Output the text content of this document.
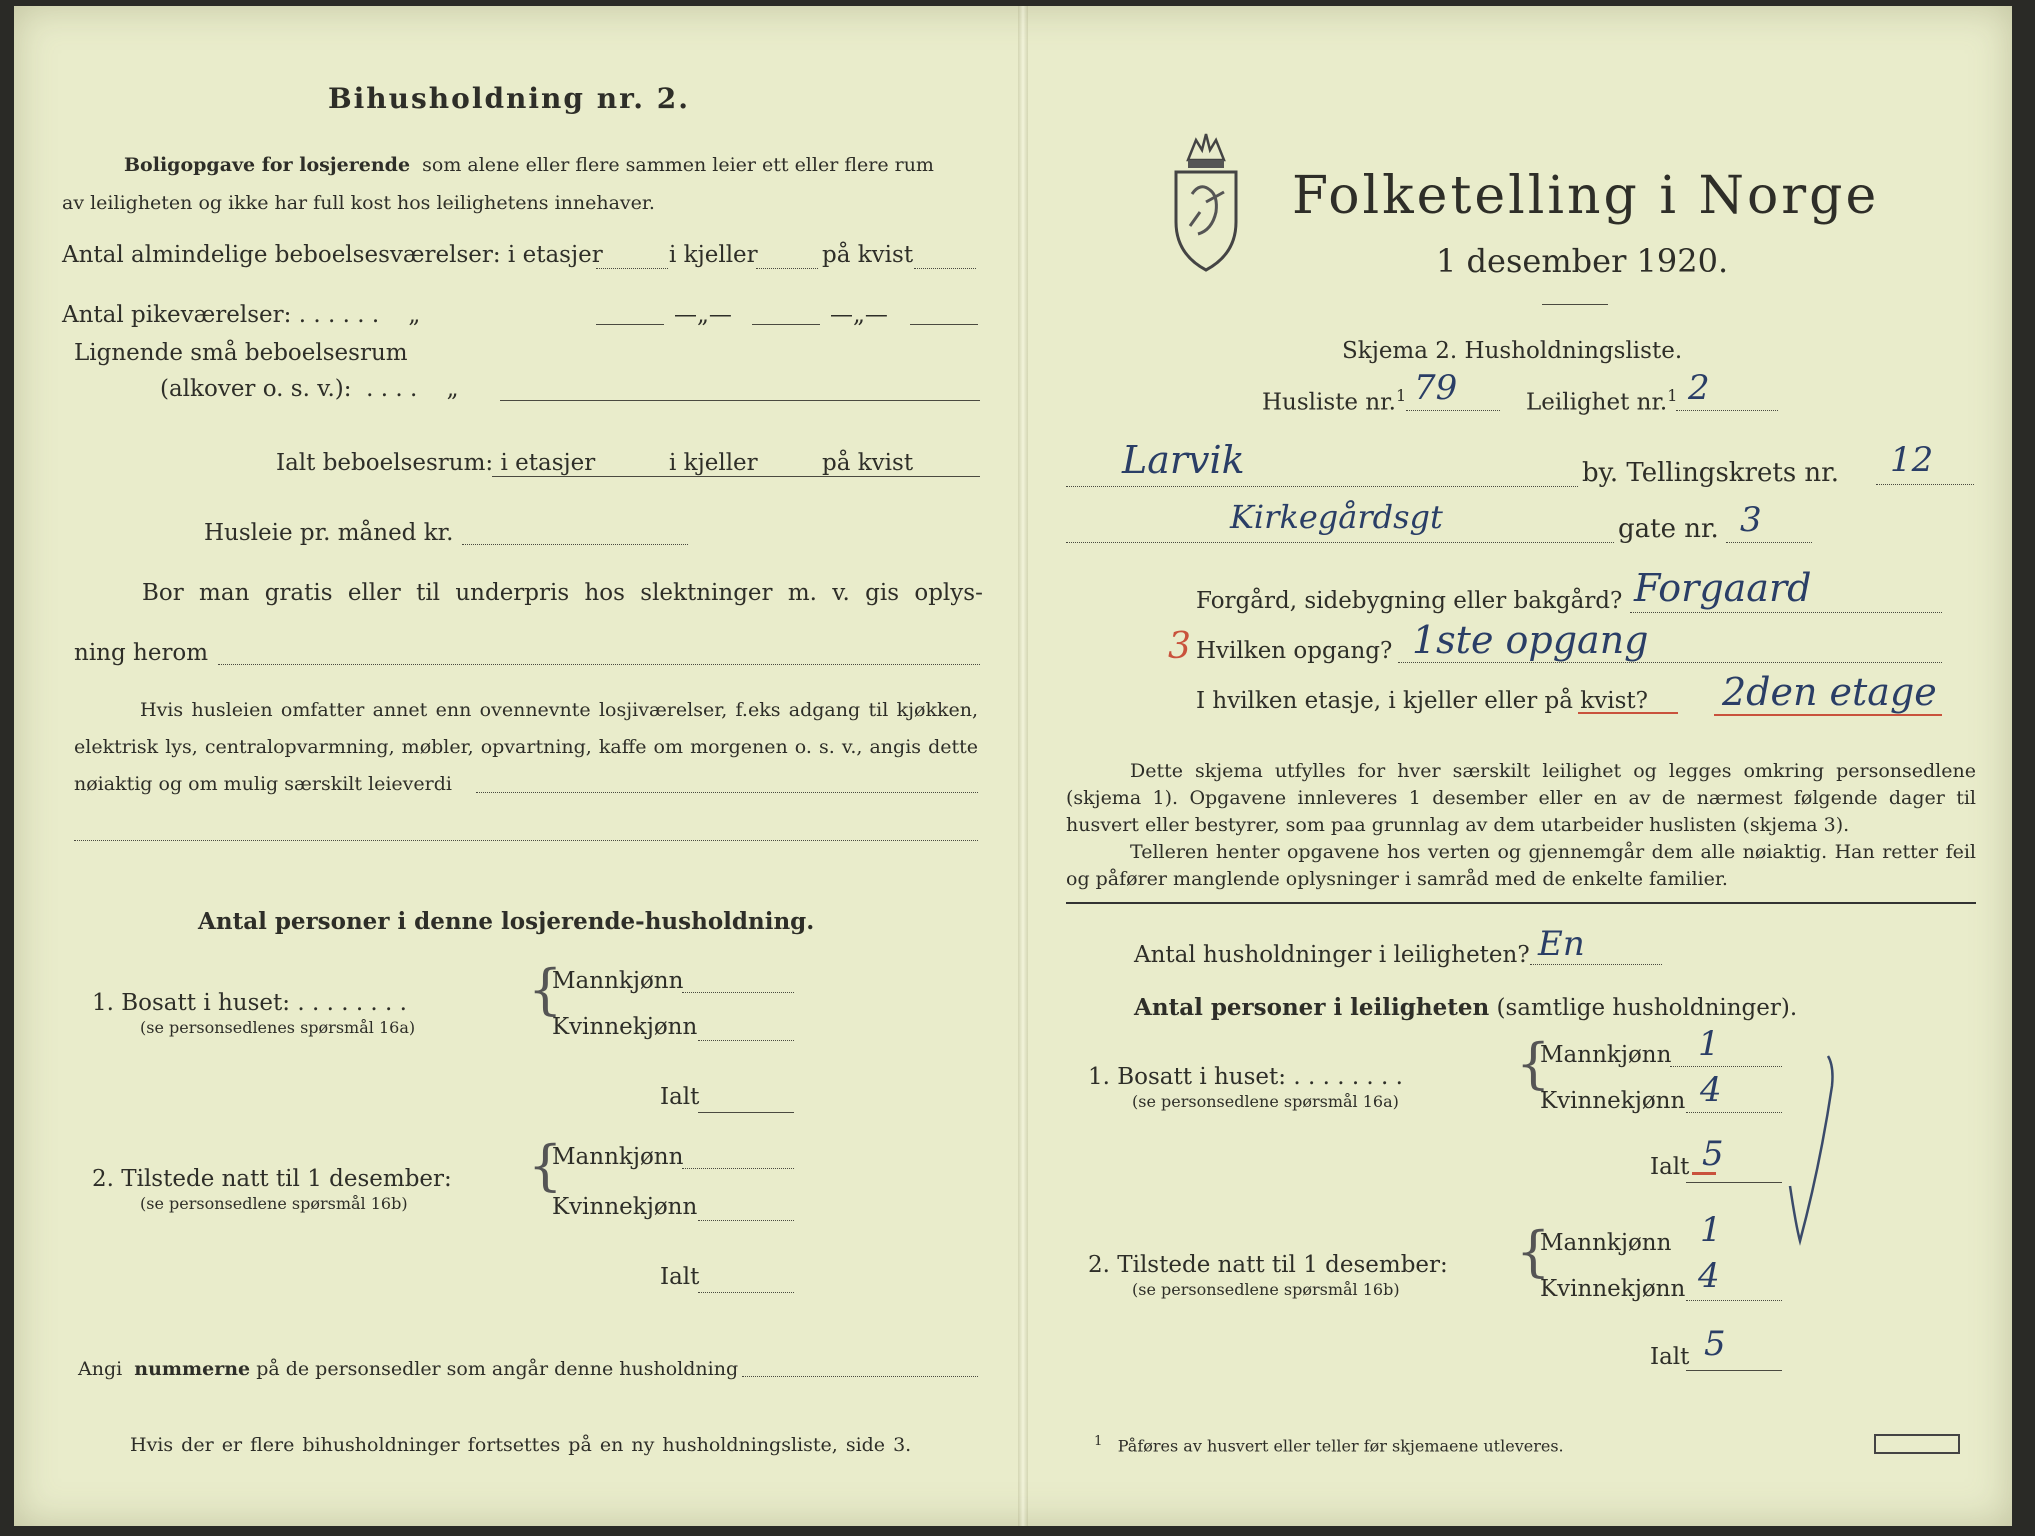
Bihusholdning nr. 2.
Boligopgave for losjerende som alene eller flere sammen leier ett eller flere rum
av leiligheten og ikke har full kost hos leilighetens innehaver.
Antal almindelige beboelsesværelser: i etasjer	i kjeller	på kvist
Antal pikeværelser: . . . . . .    „	—„—	—„—
Lignende små beboelsesrum
(alkover o. s. v.):  . . . .    „
Ialt beboelsesrum: i etasjer	i kjeller	på kvist
Husleie pr. måned kr.
Bor man gratis eller til underpris hos slektninger m. v. gis oplys-
ning herom
Hvis husleien omfatter annet enn ovennevnte losjiværelser, f.eks adgang til kjøkken, elektrisk lys, centralopvarmning, møbler, opvartning, kaffe om morgenen o. s. v., angis dette nøiaktig og om mulig særskilt leieverdi
Antal personer i denne losjerende-husholdning.
1. Bosatt i huset: . . . . . . . .
(se personsedlenes spørsmål 16a)
{
Mannkjønn
Kvinnekjønn
Ialt
2. Tilstede natt til 1 desember:
(se personsedlene spørsmål 16b)
{
Mannkjønn
Kvinnekjønn
Ialt
Angi nummerne på de personsedler som angår denne husholdning
Hvis der er flere bihusholdninger fortsettes på en ny husholdningsliste, side 3.
Folketelling i Norge
1 desember 1920.
Skjema 2. Husholdningsliste.
Husliste nr.$^1$ 79	Leilighet nr.$^1$ 2
Larvik	by. Tellingskrets nr. 12
Kirkegårdsgt	gate nr. 3
Forgård, sidebygning eller bakgård? Forgaard
3 Hvilken opgang? 1ste opgang
I hvilken etasje, i kjeller eller på kvist? 2den etage
Dette skjema utfylles for hver særskilt leilighet og legges omkring personsedlene (skjema 1). Opgavene innleveres 1 desember eller en av de nærmest følgende dager til husvert eller bestyrer, som paa grunnlag av dem utarbeider huslisten (skjema 3).
Telleren henter opgavene hos verten og gjennemgår dem alle nøiaktig. Han retter feil og påfører manglende oplysninger i samråd med de enkelte familier.
Antal husholdninger i leiligheten? En
Antal personer i leiligheten (samtlige husholdninger).
1. Bosatt i huset: . . . . . . . .
(se personsedlene spørsmål 16a)
{
Mannkjønn 1
Kvinnekjønn 4
Ialt 5
2. Tilstede natt til 1 desember:
(se personsedlene spørsmål 16b)
{
Mannkjønn 1
Kvinnekjønn 4
Ialt 5
$^1$ Påføres av husvert eller teller før skjemaene utleveres.
